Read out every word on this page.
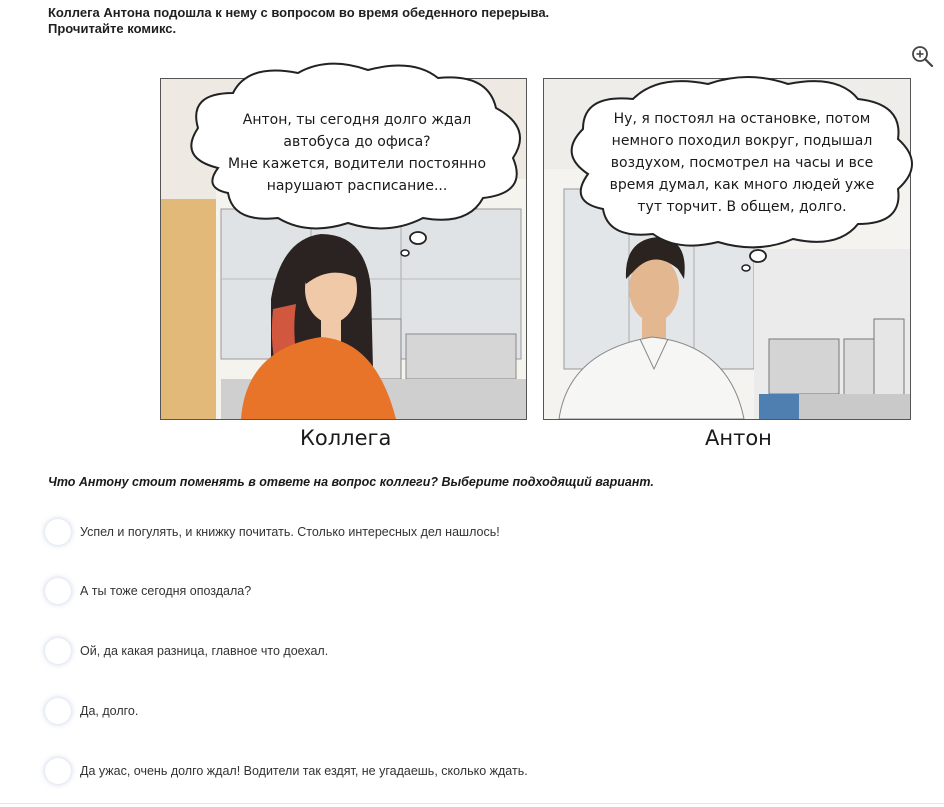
Коллега Антона подошла к нему с вопросом во время обеденного перерыва.
Прочитайте комикс.
Антон, ты сегодня долго ждал
автобуса до офиса?
Мне кажется, водители постоянно
нарушают расписание...
Ну, я постоял на остановке, потом
немного походил вокруг, подышал
воздухом, посмотрел на часы и все
время думал, как много людей уже
тут торчит. В общем, долго.
Коллега	Антон
Что Антону стоит поменять в ответе на вопрос коллеги? Выберите подходящий вариант.
Успел и погулять, и книжку почитать. Столько интересных дел нашлось!
А ты тоже сегодня опоздала?
Ой, да какая разница, главное что доехал.
Да, долго.
Да ужас, очень долго ждал! Водители так ездят, не угадаешь, сколько ждать.
